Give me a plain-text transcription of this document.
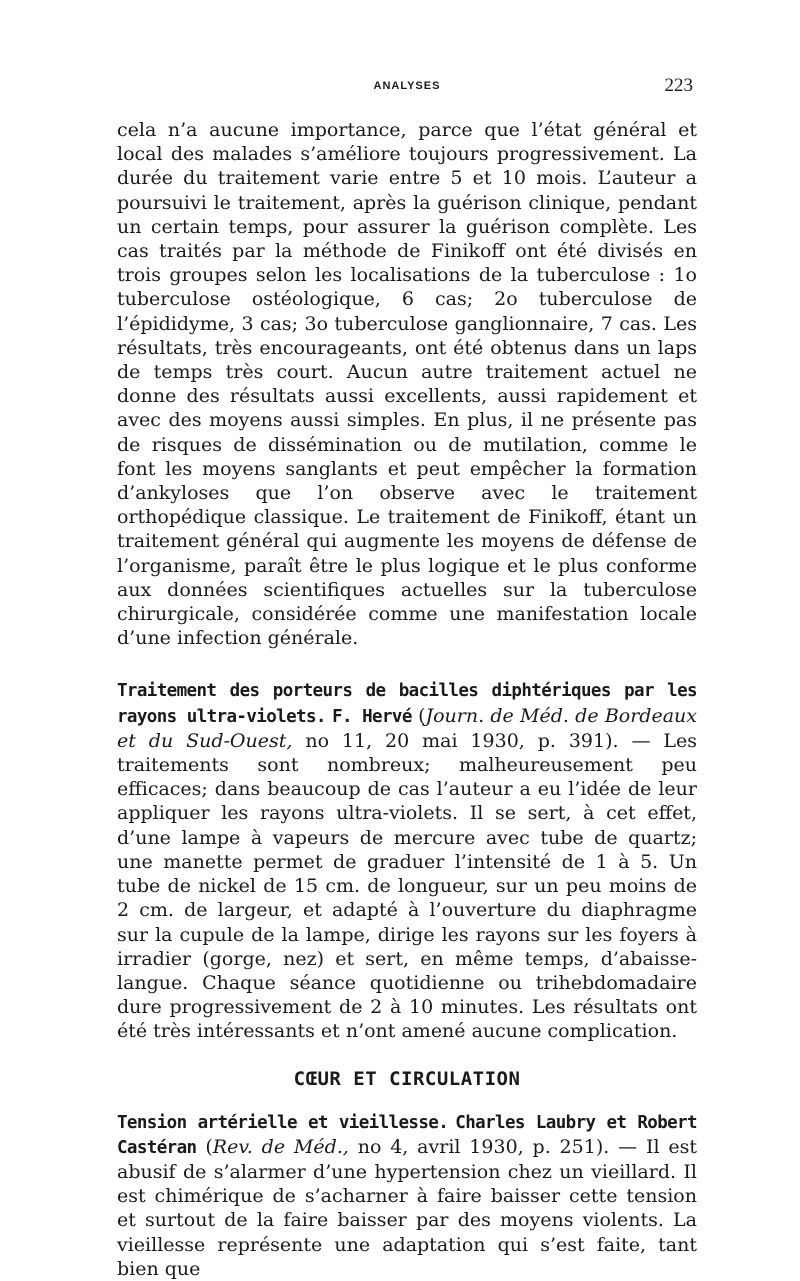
ANALYSES	223

cela n’a aucune importance, parce que l’état général et local des malades s’améliore toujours progressivement. La durée du traitement varie entre 5 et 10 mois. L’auteur a poursuivi le traitement, après la guérison clinique, pendant un certain temps, pour assurer la guérison complète. Les cas traités par la méthode de Finikoff ont été divisés en trois groupes selon les localisations de la tuberculose : 1o tuberculose ostéologique, 6 cas; 2o tuberculose de l’épididyme, 3 cas; 3o tuberculose ganglionnaire, 7 cas. Les résultats, très encourageants, ont été obtenus dans un laps de temps très court. Aucun autre traitement actuel ne donne des résultats aussi excellents, aussi rapidement et avec des moyens aussi simples. En plus, il ne présente pas de risques de dissémination ou de mutilation, comme le font les moyens sanglants et peut empêcher la formation d’ankyloses que l’on observe avec le traitement orthopédique classique. Le traitement de Finikoff, étant un traitement général qui augmente les moyens de défense de l’organisme, paraît être le plus logique et le plus conforme aux données scientifiques actuelles sur la tuberculose chirurgicale, considérée comme une manifestation locale d’une infection générale.

Traitement des porteurs de bacilles diphtériques par les rayons ultra-violets. F. Hervé (Journ. de Méd. de Bordeaux et du Sud-Ouest, no 11, 20 mai 1930, p. 391). — Les traitements sont nombreux; malheureusement peu efficaces; dans beaucoup de cas l’auteur a eu l’idée de leur appliquer les rayons ultra-violets. Il se sert, à cet effet, d’une lampe à vapeurs de mercure avec tube de quartz; une manette permet de graduer l’intensité de 1 à 5. Un tube de nickel de 15 cm. de longueur, sur un peu moins de 2 cm. de largeur, et adapté à l’ouverture du diaphragme sur la cupule de la lampe, dirige les rayons sur les foyers à irradier (gorge, nez) et sert, en même temps, d’abaisse-langue. Chaque séance quotidienne ou trihebdomadaire dure progressivement de 2 à 10 minutes. Les résultats ont été très intéressants et n’ont amené aucune complication.

CŒUR ET CIRCULATION

Tension artérielle et vieillesse. Charles Laubry et Robert Castéran (Rev. de Méd., no 4, avril 1930, p. 251). — Il est abusif de s’alarmer d’une hypertension chez un vieillard. Il est chimérique de s’acharner à faire baisser cette tension et surtout de la faire baisser par des moyens violents. La vieillesse représente une adaptation qui s’est faite, tant bien que
